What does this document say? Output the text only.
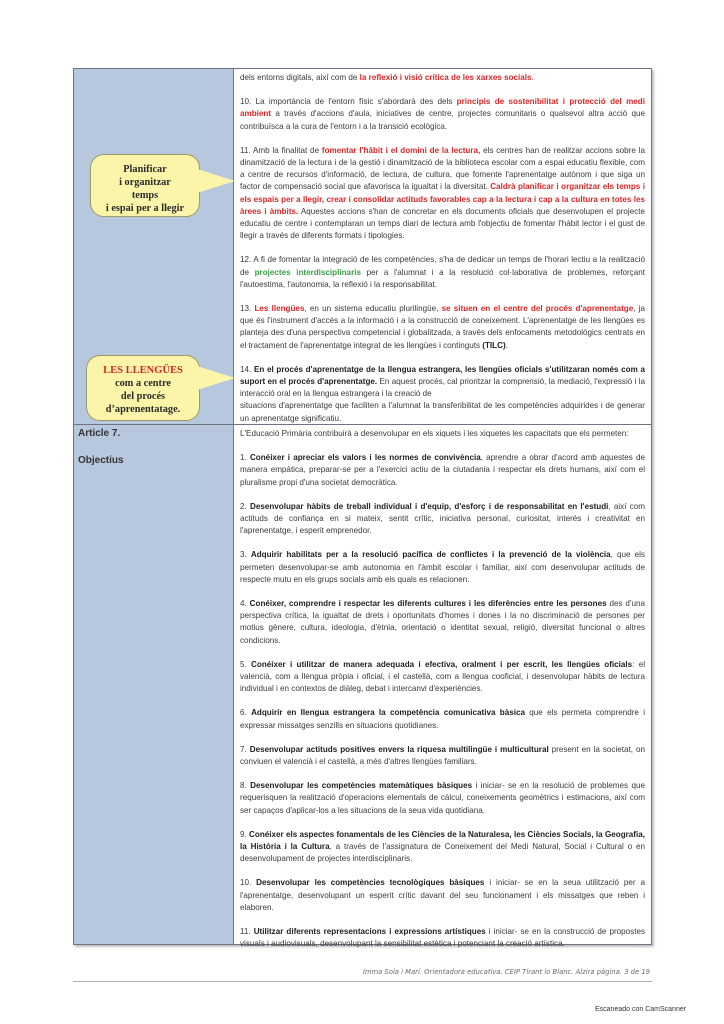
Planificar
i organitzar
temps
i espai per a llegir
LES LLENGÜES
com a centre
del procés
d’aprenentatage.

dels entorns digitals, així com de la reflexió i visió crítica de les xarxes socials.

10. La importància de l'entorn físic s'abordarà des dels principis de sostenibilitat i protecció del medi ambient a través d'accions d'aula, iniciatives de centre, projectes comunitaris o qualsevol altra acció que contribuïsca a la cura de l'entorn i a la transició ecològica.

11. Amb la finalitat de fomentar l'hàbit i el domini de la lectura, els centres han de realitzar accions sobre la dinamització de la lectura i de la gestió i dinamització de la biblioteca escolar com a espai educatiu flexible, com a centre de recursos d'informació, de lectura, de cultura, que fomente l'aprenentatge autònom i que siga un factor de compensació social que afavorisca la igualtat i la diversitat. Caldrà planificar i organitzar els temps i els espais per a llegir, crear i consolidar actituds favorables cap a la lectura i cap a la cultura en totes les àrees i àmbits. Aquestes accions s'han de concretar en els documents oficials que desenvolupen el projecte educatiu de centre i contemplaran un temps diari de lectura amb l'objectiu de fomentar l'hàbit lector i el gust de llegir a través de diferents formats i tipologies.

12. A fi de fomentar la integració de les competències, s'ha de dedicar un temps de l'horari lectiu a la realització de projectes interdisciplinaris per a l'alumnat i a la resolució col·laborativa de problemes, reforçant l'autoestima, l'autonomia, la reflexió i la responsabilitat.

13. Les llengües, en un sistema educatiu plurilingüe, se situen en el centre del procés d'aprenentatge, ja que és l'instrument d'accés a la informació i a la construcció de coneixement. L'aprenentatge de les llengües es planteja des d'una perspectiva competencial i globalitzada, a través dels enfocaments metodològics centrats en el tractament de l'aprenentatge integrat de les llengües i continguts (TILC).

14. En el procés d'aprenentatge de la llengua estrangera, les llengües oficials s'utilitzaran només com a suport en el procés d'aprenentatge. En aquest procés, cal prioritzar la comprensió, la mediació, l'expressió i la interacció oral en la llengua estrangera i la creació de
situacions d'aprenentatge que faciliten a l'alumnat la transferibilitat de les competències adquirides i de generar un aprenentatge significatiu.

Article 7.
Objectius

L'Educació Primària contribuirà a desenvolupar en els xiquets i les xiquetes les capacitats que els permeten:

1. Conéixer i apreciar els valors i les normes de convivència, aprendre a obrar d'acord amb aquestes de manera empàtica, preparar-se per a l'exercici actiu de la ciutadania i respectar els drets humans, així com el pluralisme propi d'una societat democràtica.

2. Desenvolupar hàbits de treball individual i d'equip, d'esforç i de responsabilitat en l'estudi, així com actituds de confiança en si mateix, sentit crític, iniciativa personal, curiositat, interés i creativitat en l'aprenentatge, i esperit emprenedor.

3. Adquirir habilitats per a la resolució pacífica de conflictes i la prevenció de la violència, que els permeten desenvolupar-se amb autonomia en l'àmbit escolar i familiar, així com desenvolupar actituds de respecte mutu en els grups socials amb els quals es relacionen.

4. Conéixer, comprendre i respectar les diferents cultures i les diferències entre les persones des d'una perspectiva crítica, la igualtat de drets i oportunitats d'homes i dones i la no discriminació de persones per motius gènere, cultura, ideologia, d'ètnia, orientació o identitat sexual, religió, diversitat funcional o altres condicions.

5. Conéixer i utilitzar de manera adequada i efectiva, oralment i per escrit, les llengües oficials: el valencià, com a llengua pròpia i oficial, i el castellà, com a llengua cooficial, i desenvolupar hàbits de lectura individual i en contextos de diàleg, debat i intercanvi d'experiències.

6. Adquirir en llengua estrangera la competència comunicativa bàsica que els permeta comprendre i expressar missatges senzills en situacions quotidianes.

7. Desenvolupar actituds positives envers la riquesa multilingüe i multicultural present en la societat, on conviuen el valencià i el castellà, a més d'altres llengües familiars.

8. Desenvolupar les competències matemàtiques bàsiques i iniciar- se en la resolució de problemes que requerisquen la realització d'operacions elementals de càlcul, coneixements geomètrics i estimacions, així com ser capaços d'aplicar-los a les situacions de la seua vida quotidiana.

9. Conéixer els aspectes fonamentals de les Ciències de la Naturalesa, les Ciències Socials, la Geografia, la Història i la Cultura, a través de l'assignatura de Coneixement del Medi Natural, Social i Cultural o en desenvolupament de projectes interdisciplinaris.

10. Desenvolupar les competències tecnològiques bàsiques i iniciar- se en la seua utilització per a l'aprenentatge, desenvolupant un esperit crític davant del seu funcionament i els missatges que reben i elaboren.

11. Utilitzar diferents representacions i expressions artístiques i iniciar- se en la construcció de propostes visuals i audiovisuals, desenvolupant la sensibilitat estètica i potenciant la creació artística.

Imma Sola i Marí. Orientadora educativa. CEIP Tirant lo Blanc. Alzira pàgina. 3 de 19
Escaneado con CamScanner
